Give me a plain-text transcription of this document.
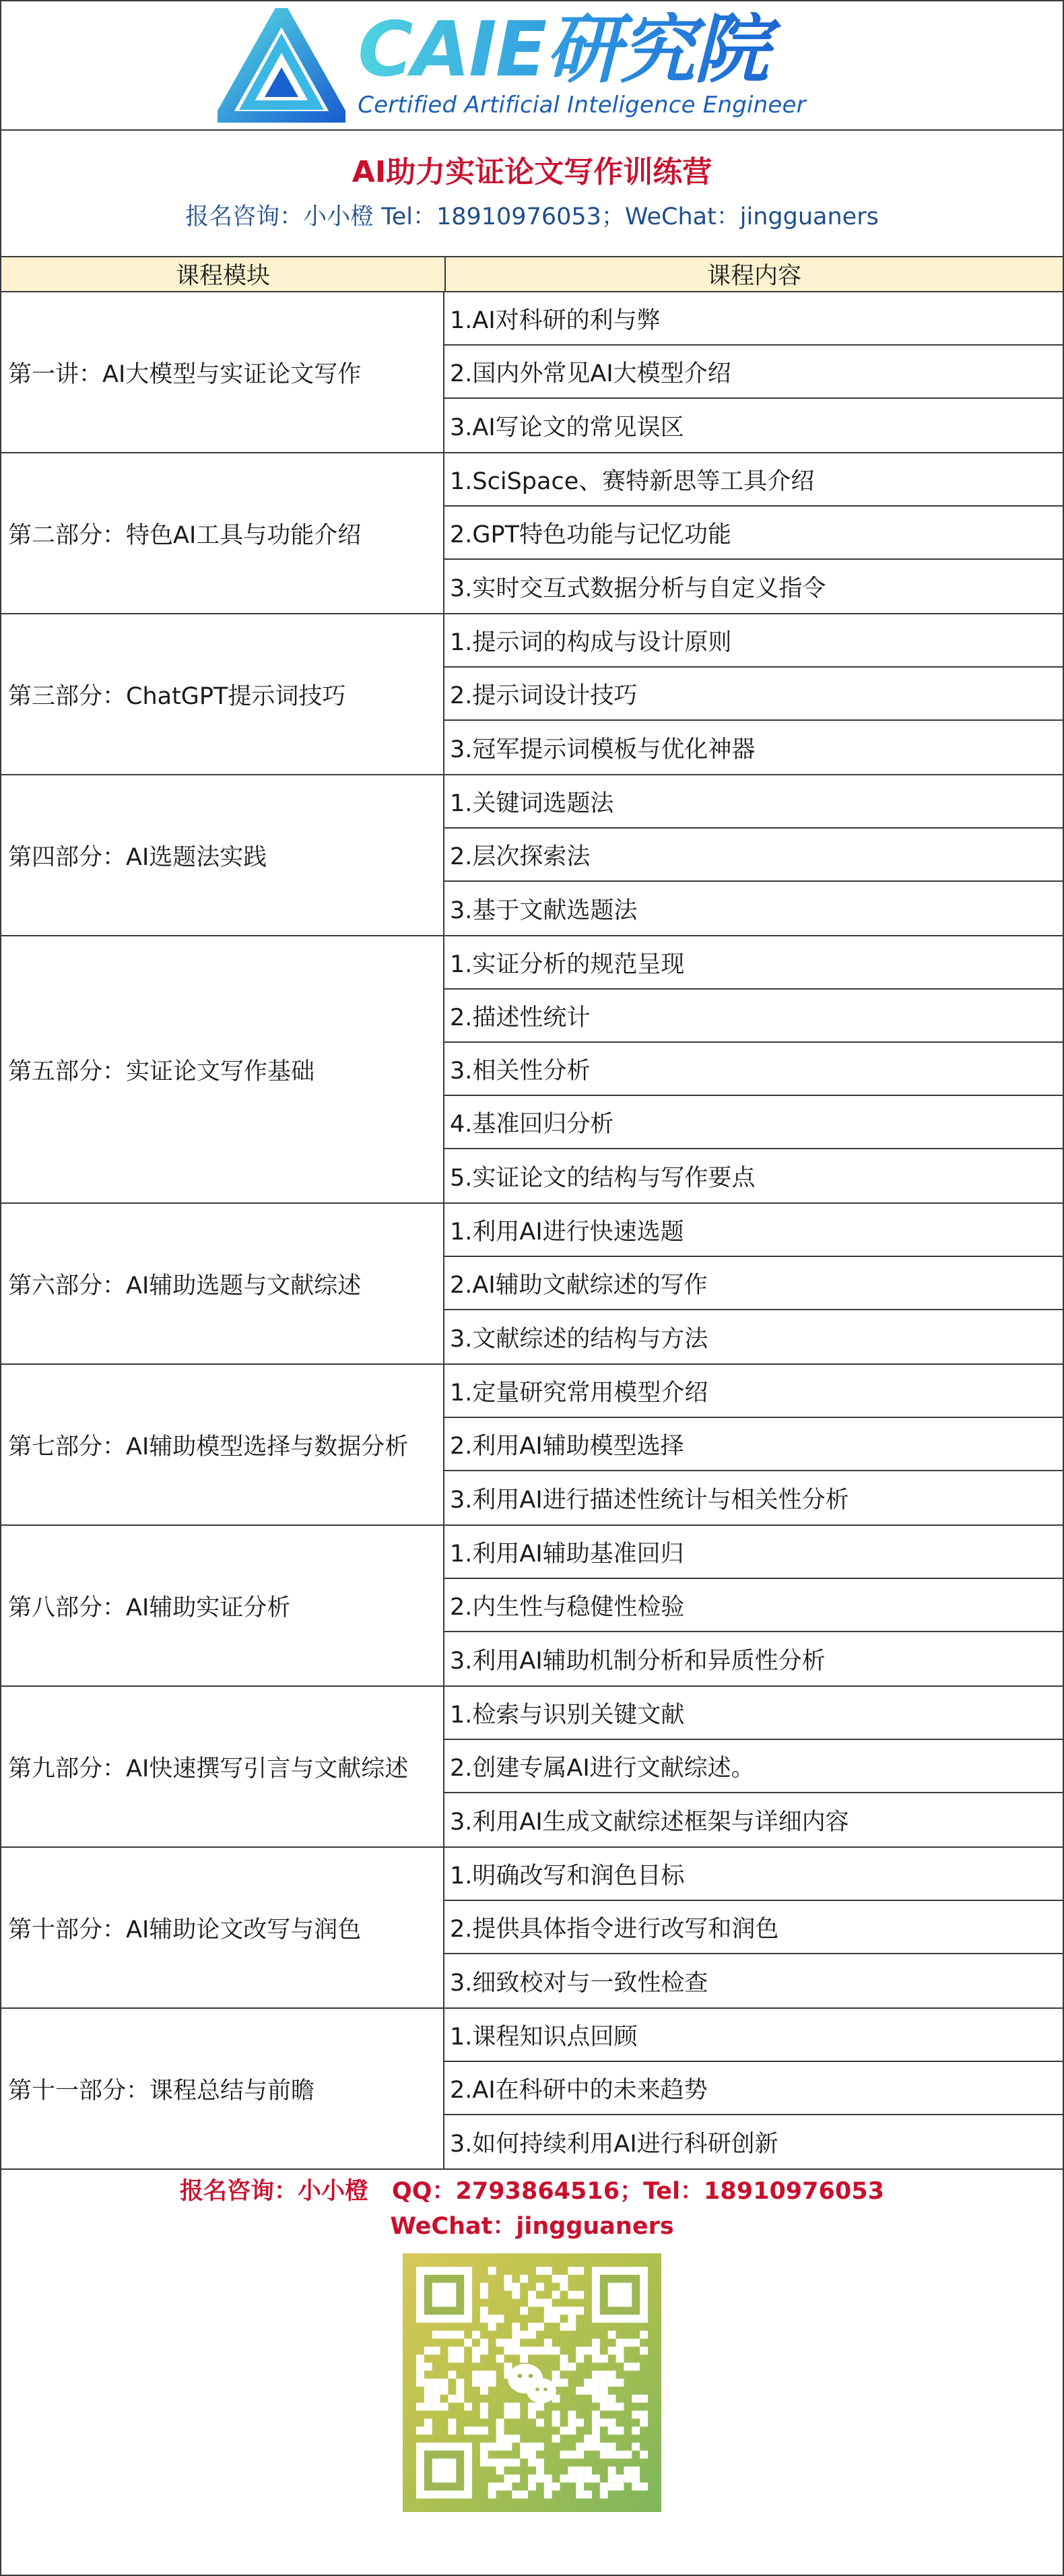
CAIE研究院
Certified Artificial Inteligence Engineer
AI助力实证论文写作训练营
报名咨询：小小橙 Tel：18910976053；WeChat：jingguaners
课程模块	课程内容
第一讲：AI大模型与实证论文写作
1.AI对科研的利与弊
2.国内外常见AI大模型介绍
3.AI写论文的常见误区
第二部分：特色AI工具与功能介绍
1.SciSpace、赛特新思等工具介绍
2.GPT特色功能与记忆功能
3.实时交互式数据分析与自定义指令
第三部分：ChatGPT提示词技巧
1.提示词的构成与设计原则
2.提示词设计技巧
3.冠军提示词模板与优化神器
第四部分：AI选题法实践
1.关键词选题法
2.层次探索法
3.基于文献选题法
第五部分：实证论文写作基础
1.实证分析的规范呈现
2.描述性统计
3.相关性分析
4.基准回归分析
5.实证论文的结构与写作要点
第六部分：AI辅助选题与文献综述
1.利用AI进行快速选题
2.AI辅助文献综述的写作
3.文献综述的结构与方法
第七部分：AI辅助模型选择与数据分析
1.定量研究常用模型介绍
2.利用AI辅助模型选择
3.利用AI进行描述性统计与相关性分析
第八部分：AI辅助实证分析
1.利用AI辅助基准回归
2.内生性与稳健性检验
3.利用AI辅助机制分析和异质性分析
第九部分：AI快速撰写引言与文献综述
1.检索与识别关键文献
2.创建专属AI进行文献综述。
3.利用AI生成文献综述框架与详细内容
第十部分：AI辅助论文改写与润色
1.明确改写和润色目标
2.提供具体指令进行改写和润色
3.细致校对与一致性检查
第十一部分：课程总结与前瞻
1.课程知识点回顾
2.AI在科研中的未来趋势
3.如何持续利用AI进行科研创新
报名咨询：小小橙　QQ：2793864516；Tel：18910976053
WeChat：jingguaners
